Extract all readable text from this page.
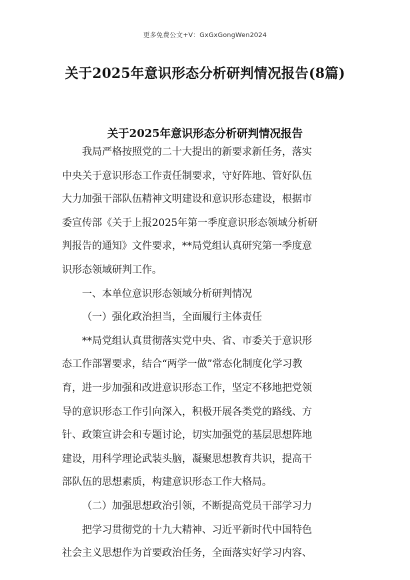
更多免费公文+V：GxGxGongWen2024
关于2025年意识形态分析研判情况报告(8篇)
关于2025年意识形态分析研判情况报告
我局严格按照党的二十大提出的新要求新任务，落实
中央关于意识形态工作责任制要求，守好阵地、管好队伍
大力加强干部队伍精神文明建设和意识形态建设，根据市
委宣传部《关于上报2025年第一季度意识形态领域分析研
判报告的通知》文件要求，**局党组认真研究第一季度意
识形态领域研判工作。
一、本单位意识形态领域分析研判情况
（一）强化政治担当，全面履行主体责任
**局党组认真贯彻落实党中央、省、市委关于意识形
态工作部署要求，结合“两学一做”常态化制度化学习教
育，进一步加强和改进意识形态工作，坚定不移地把党领
导的意识形态工作引向深入，积极开展各类党的路线、方
针、政策宣讲会和专题讨论，切实加强党的基层思想阵地
建设，用科学理论武装头脑，凝聚思想教育共识，提高干
部队伍的思想素质，构建意识形态工作大格局。
（二）加强思想政治引领，不断提高党员干部学习力
把学习贯彻党的十九大精神、习近平新时代中国特色
社会主义思想作为首要政治任务，全面落实好学习内容、
